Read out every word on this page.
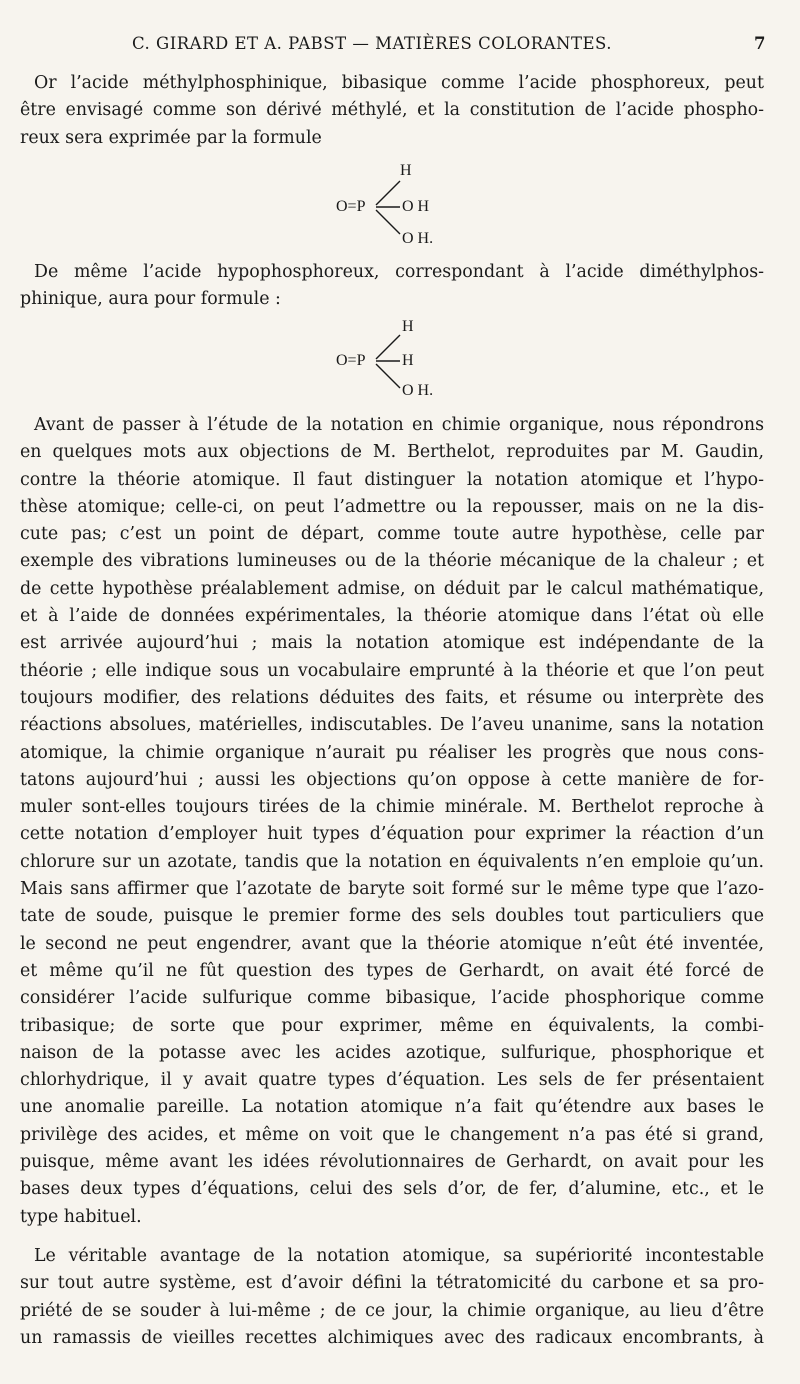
C. GIRARD ET A. PABST — MATIÈRES COLORANTES.	7
Or l’acide méthylphosphinique, bibasique comme l’acide phosphoreux, peut
être envisagé comme son dérivé méthylé, et la constitution de l’acide phospho-
reux sera exprimée par la formule
H
O=P O H
O H.
De même l’acide hypophosphoreux, correspondant à l’acide diméthylphos-
phinique, aura pour formule :
H
O=P H
O H.
Avant de passer à l’étude de la notation en chimie organique, nous répondrons
en quelques mots aux objections de M. Berthelot, reproduites par M. Gaudin,
contre la théorie atomique. Il faut distinguer la notation atomique et l’hypo-
thèse atomique; celle-ci, on peut l’admettre ou la repousser, mais on ne la dis-
cute pas; c’est un point de départ, comme toute autre hypothèse, celle par
exemple des vibrations lumineuses ou de la théorie mécanique de la chaleur ; et
de cette hypothèse préalablement admise, on déduit par le calcul mathématique,
et à l’aide de données expérimentales, la théorie atomique dans l’état où elle
est arrivée aujourd’hui ; mais la notation atomique est indépendante de la
théorie ; elle indique sous un vocabulaire emprunté à la théorie et que l’on peut
toujours modifier, des relations déduites des faits, et résume ou interprète des
réactions absolues, matérielles, indiscutables. De l’aveu unanime, sans la notation
atomique, la chimie organique n’aurait pu réaliser les progrès que nous cons-
tatons aujourd’hui ; aussi les objections qu’on oppose à cette manière de for-
muler sont-elles toujours tirées de la chimie minérale. M. Berthelot reproche à
cette notation d’employer huit types d’équation pour exprimer la réaction d’un
chlorure sur un azotate, tandis que la notation en équivalents n’en emploie qu’un.
Mais sans affirmer que l’azotate de baryte soit formé sur le même type que l’azo-
tate de soude, puisque le premier forme des sels doubles tout particuliers que
le second ne peut engendrer, avant que la théorie atomique n’eût été inventée,
et même qu’il ne fût question des types de Gerhardt, on avait été forcé de
considérer l’acide sulfurique comme bibasique, l’acide phosphorique comme
tribasique; de sorte que pour exprimer, même en équivalents, la combi-
naison de la potasse avec les acides azotique, sulfurique, phosphorique et
chlorhydrique, il y avait quatre types d’équation. Les sels de fer présentaient
une anomalie pareille. La notation atomique n’a fait qu’étendre aux bases le
privilège des acides, et même on voit que le changement n’a pas été si grand,
puisque, même avant les idées révolutionnaires de Gerhardt, on avait pour les
bases deux types d’équations, celui des sels d’or, de fer, d’alumine, etc., et le
type habituel.
Le véritable avantage de la notation atomique, sa supériorité incontestable
sur tout autre système, est d’avoir défini la tétratomicité du carbone et sa pro-
priété de se souder à lui-même ; de ce jour, la chimie organique, au lieu d’être
un ramassis de vieilles recettes alchimiques avec des radicaux encombrants, à
